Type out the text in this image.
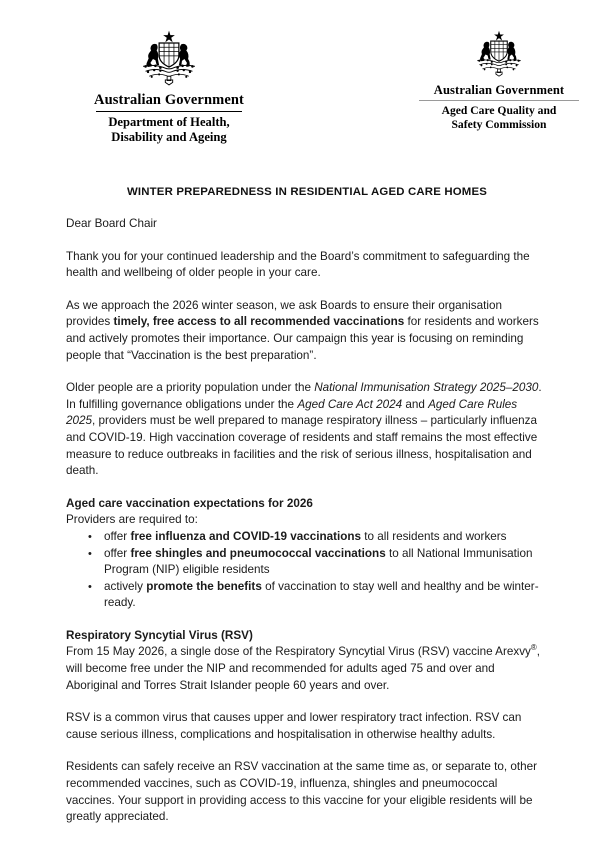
Australian Government
Department of Health,
Disability and Ageing
Australian Government
Aged Care Quality and
Safety Commission
WINTER PREPAREDNESS IN RESIDENTIAL AGED CARE HOMES

Dear Board Chair

Thank you for your continued leadership and the Board’s commitment to safeguarding the health and wellbeing of older people in your care.

As we approach the 2026 winter season, we ask Boards to ensure their organisation provides timely, free access to all recommended vaccinations for residents and workers and actively promotes their importance. Our campaign this year is focusing on reminding people that “Vaccination is the best preparation”.

Older people are a priority population under the National Immunisation Strategy 2025–2030. In fulfilling governance obligations under the Aged Care Act 2024 and Aged Care Rules 2025, providers must be well prepared to manage respiratory illness – particularly influenza and COVID-19. High vaccination coverage of residents and staff remains the most effective measure to reduce outbreaks in facilities and the risk of serious illness, hospitalisation and death.

Aged care vaccination expectations for 2026

Providers are required to:

• offer free influenza and COVID-19 vaccinations to all residents and workers
• offer free shingles and pneumococcal vaccinations to all National Immunisation Program (NIP) eligible residents
• actively promote the benefits of vaccination to stay well and healthy and be winter-ready.
Respiratory Syncytial Virus (RSV)

From 15 May 2026, a single dose of the Respiratory Syncytial Virus (RSV) vaccine Arexvy®, will become free under the NIP and recommended for adults aged 75 and over and Aboriginal and Torres Strait Islander people 60 years and over.

RSV is a common virus that causes upper and lower respiratory tract infection. RSV can cause serious illness, complications and hospitalisation in otherwise healthy adults.

Residents can safely receive an RSV vaccination at the same time as, or separate to, other recommended vaccines, such as COVID-19, influenza, shingles and pneumococcal vaccines. Your support in providing access to this vaccine for your eligible residents will be greatly appreciated.
